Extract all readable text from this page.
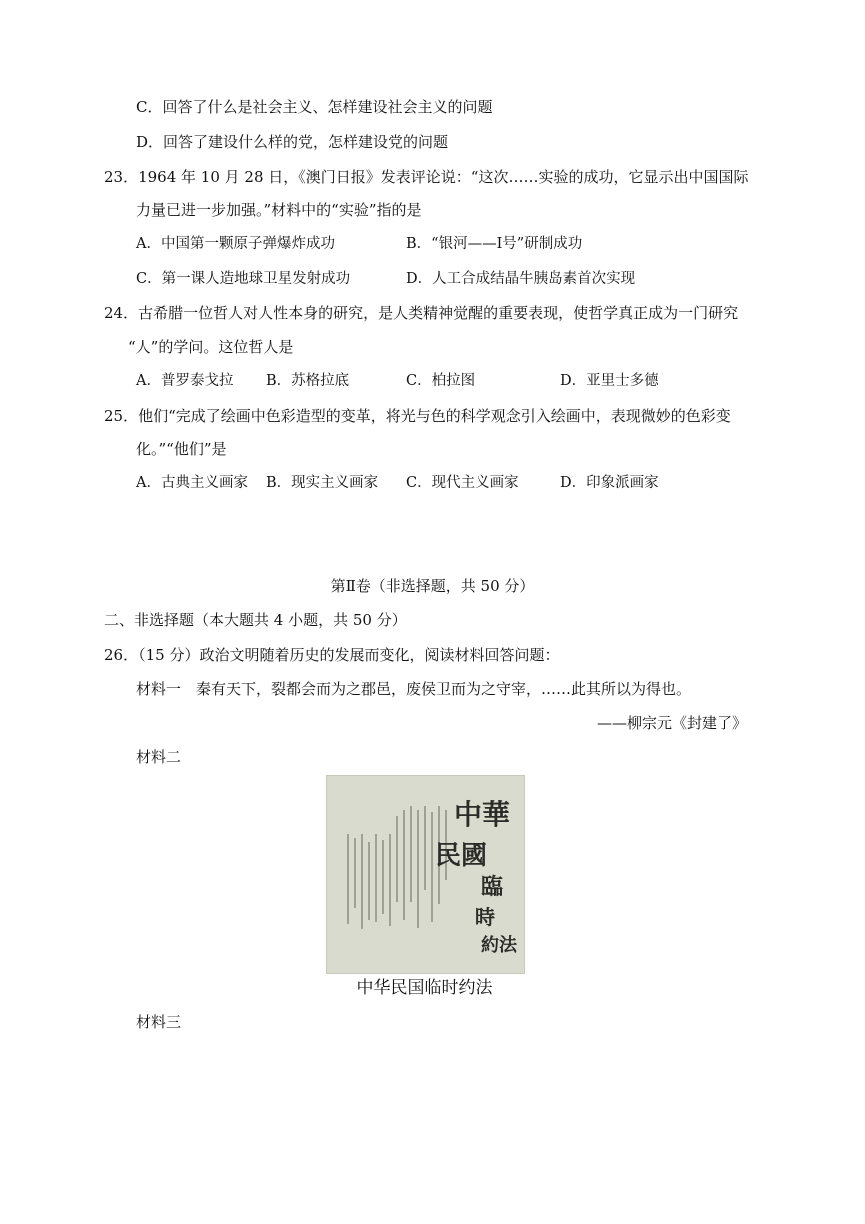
C．回答了什么是社会主义、怎样建设社会主义的问题
D．回答了建设什么样的党，怎样建设党的问题
23．1964 年 10 月 28 日，《澳门日报》发表评论说：“这次……实验的成功，它显示出中国国际
力量已进一步加强。”材料中的“实验”指的是
A．中国第一颗原子弹爆炸成功	B．“银河——Ⅰ号”研制成功
C．第一课人造地球卫星发射成功	D．人工合成结晶牛胰岛素首次实现
24．古希腊一位哲人对人性本身的研究，是人类精神觉醒的重要表现，使哲学真正成为一门研究
“人”的学问。这位哲人是
A．普罗泰戈拉 B．苏格拉底	C．柏拉图	D．亚里士多德
25．他们“完成了绘画中色彩造型的变革，将光与色的科学观念引入绘画中，表现微妙的色彩变
化。”“他们”是
A．古典主义画家 B．现实主义画家 C．现代主义画家	D．印象派画家
第Ⅱ卷（非选择题，共 50 分）
二、非选择题（本大题共 4 小题，共 50 分）
26．（15 分）政治文明随着历史的发展而变化，阅读材料回答问题：
材料一　秦有天下，裂都会而为之郡邑，废侯卫而为之守宰，……此其所以为得也。
——柳宗元《封建了》
材料二
中華
民國
臨
時
約法
中华民国临时约法
材料三
